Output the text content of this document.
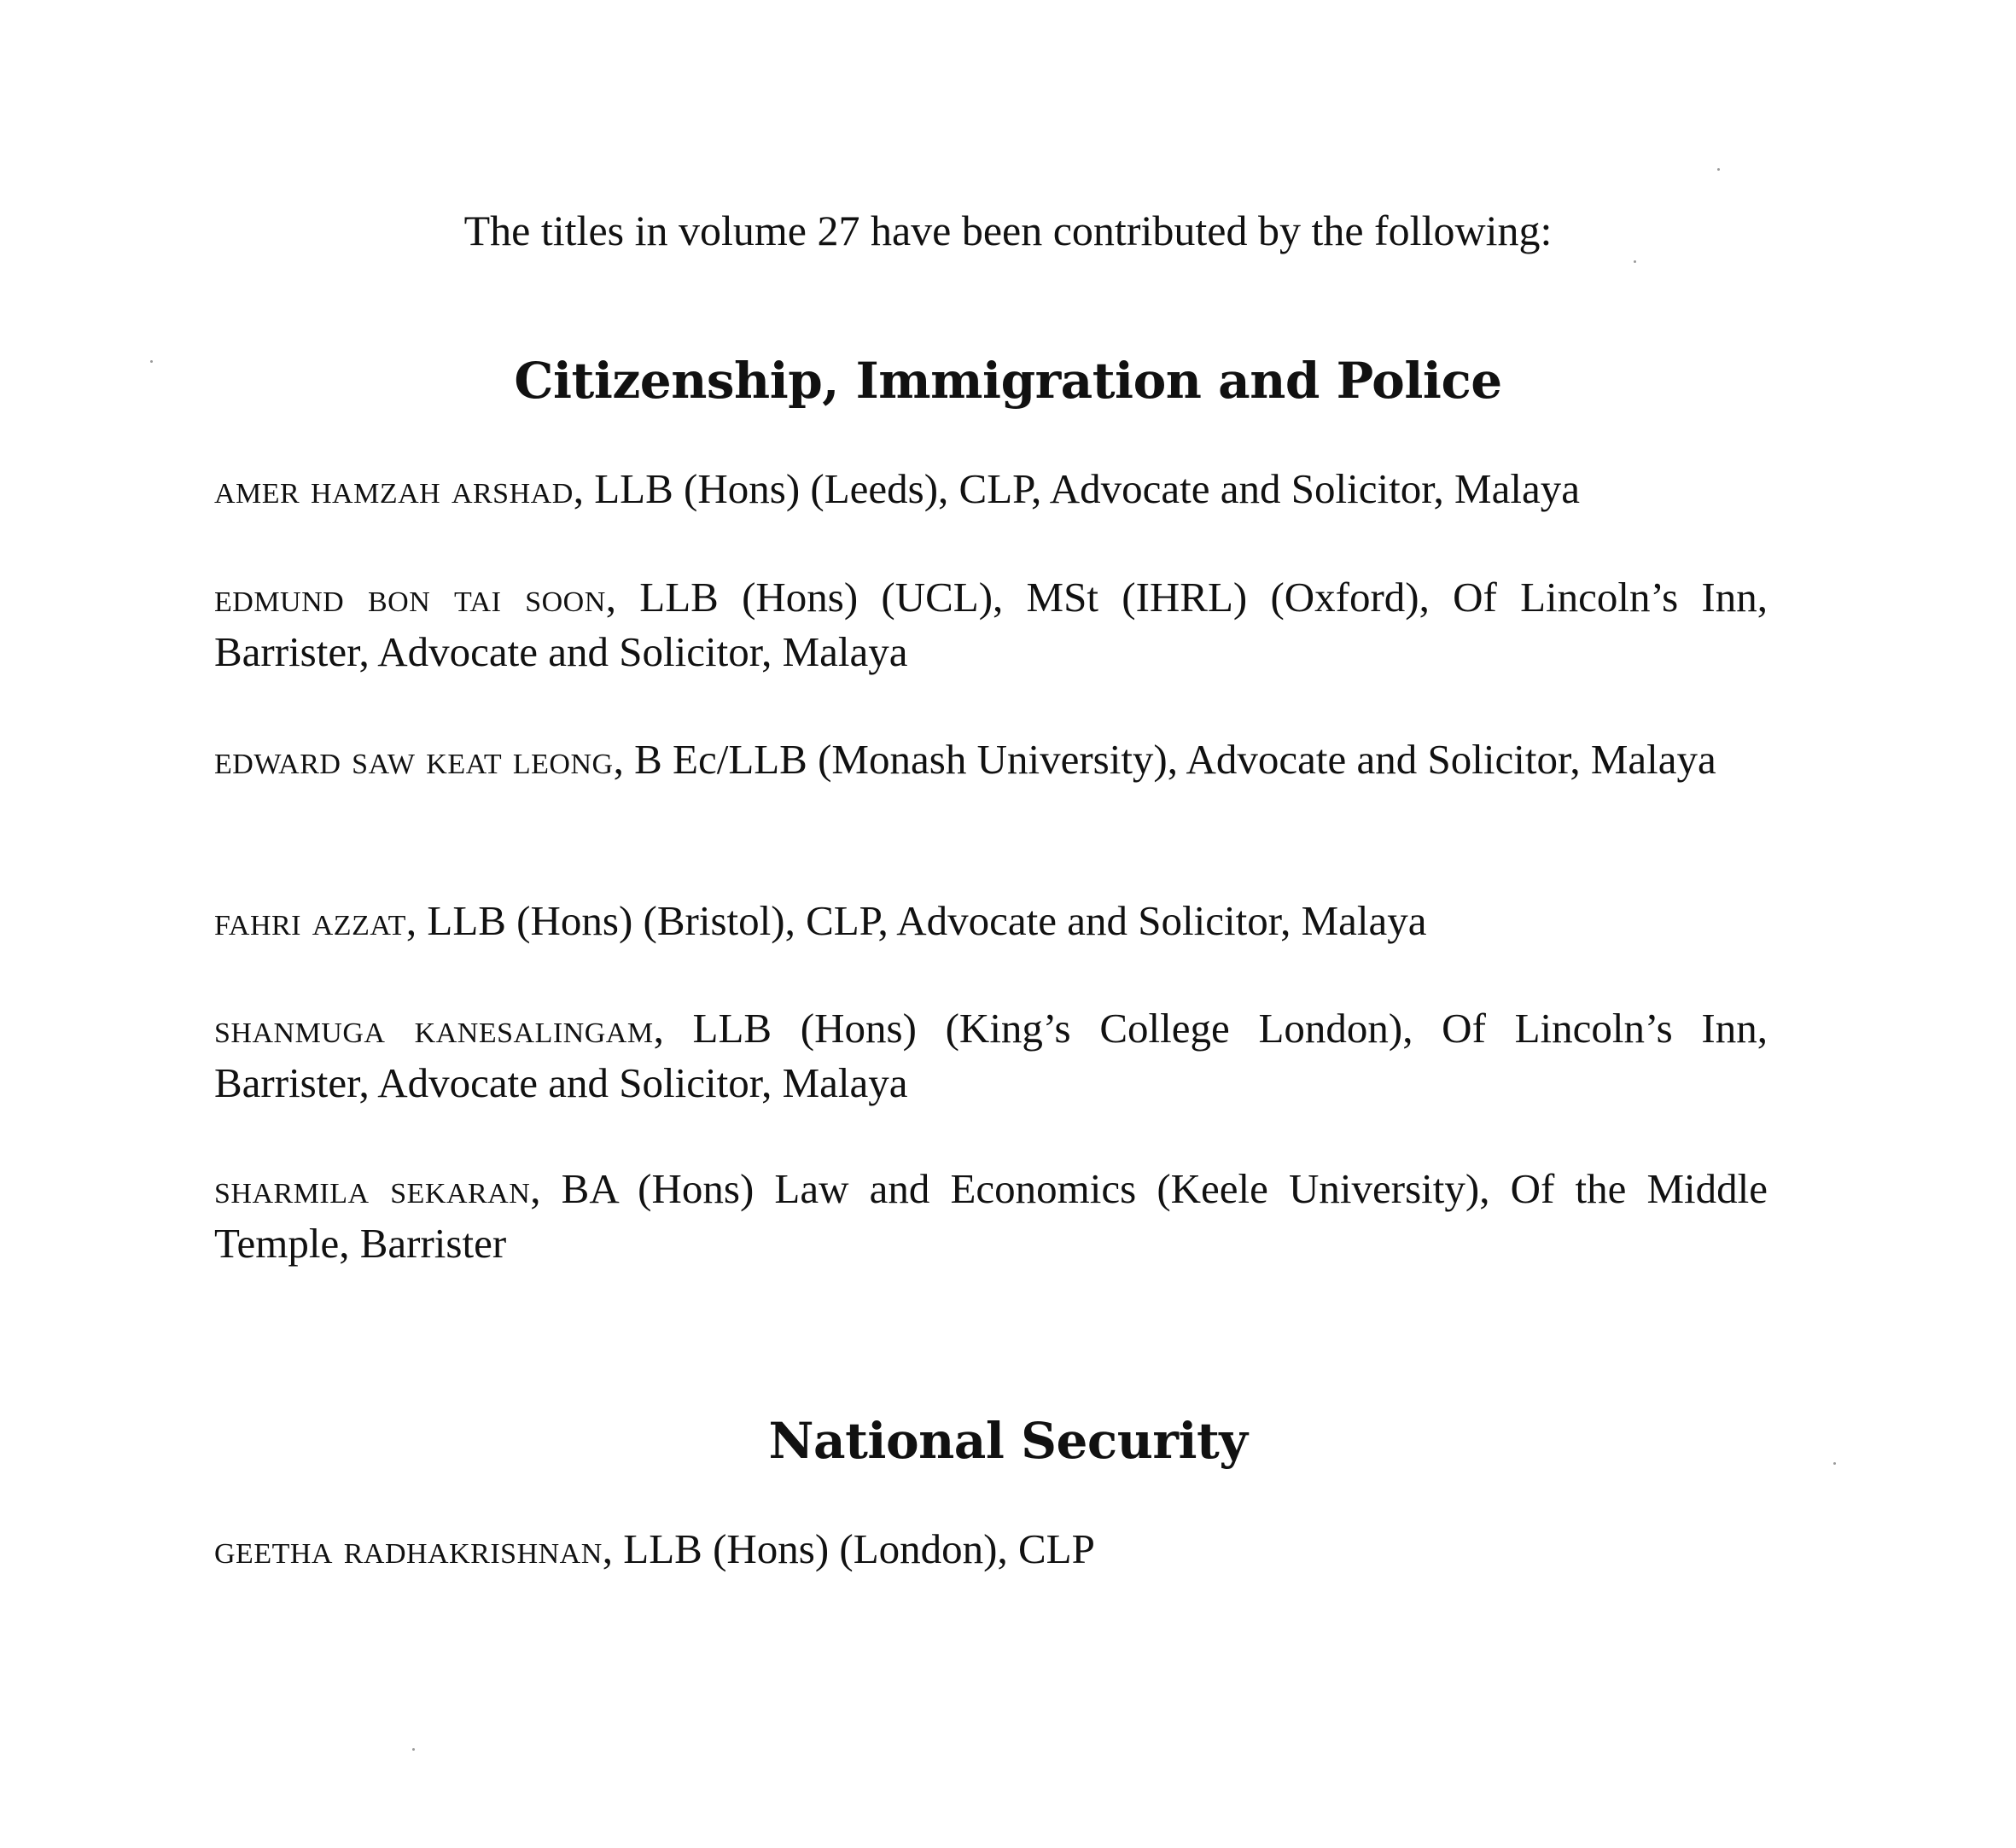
The titles in volume 27 have been contributed by the following:
Citizenship, Immigration and Police
amer hamzah arshad, LLB (Hons) (Leeds), CLP, Advocate and Solicitor, Malaya
edmund bon tai soon, LLB (Hons) (UCL), MSt (IHRL) (Oxford), Of Lincoln’s Inn, Barrister, Advocate and Solicitor, Malaya
edward saw keat leong, B Ec/LLB (Monash University), Advocate and Solicitor, Malaya
fahri azzat, LLB (Hons) (Bristol), CLP, Advocate and Solicitor, Malaya
shanmuga kanesalingam, LLB (Hons) (King’s College London), Of Lincoln’s Inn, Barrister, Advocate and Solicitor, Malaya
sharmila sekaran, BA (Hons) Law and Economics (Keele University), Of the Middle Temple, Barrister
National Security
geetha radhakrishnan, LLB (Hons) (London), CLP
